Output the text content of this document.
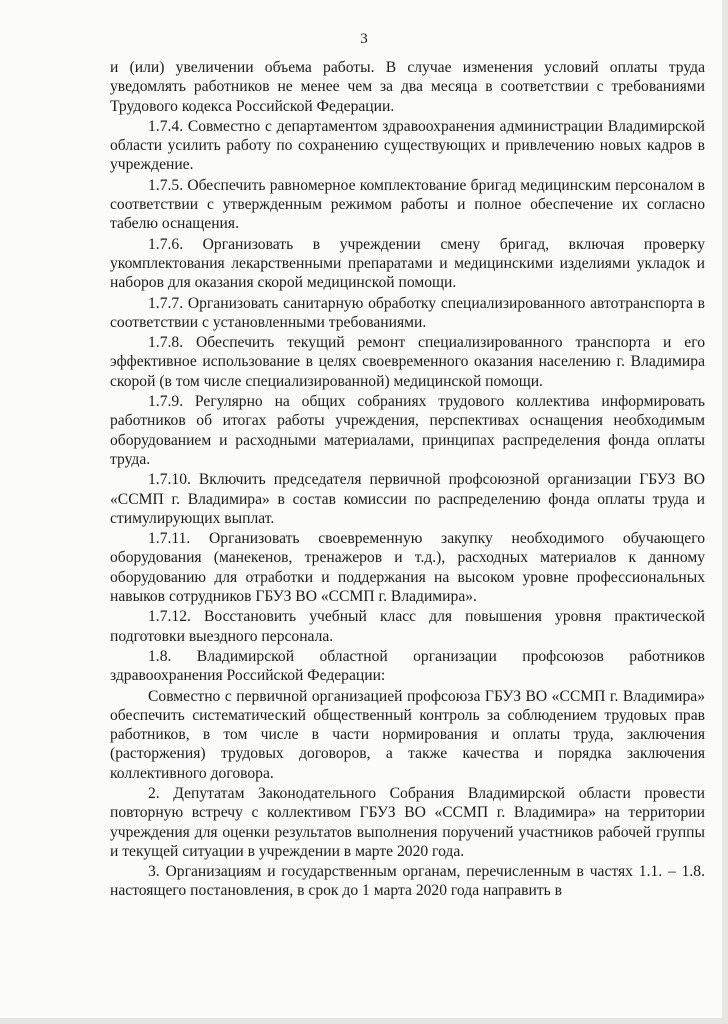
3

и (или) увеличении объема работы. В случае изменения условий оплаты труда уведомлять работников не менее чем за два месяца в соответствии с требованиями Трудового кодекса Российской Федерации.

1.7.4. Совместно с департаментом здравоохранения администрации Владимирской области усилить работу по сохранению существующих и привлечению новых кадров в учреждение.

1.7.5. Обеспечить равномерное комплектование бригад медицинским персоналом в соответствии с утвержденным режимом работы и полное обеспечение их согласно табелю оснащения.

1.7.6. Организовать в учреждении смену бригад, включая проверку укомплектования лекарственными препаратами и медицинскими изделиями укладок и наборов для оказания скорой медицинской помощи.

1.7.7. Организовать санитарную обработку специализированного автотранспорта в соответствии с установленными требованиями.

1.7.8. Обеспечить текущий ремонт специализированного транспорта и его эффективное использование в целях своевременного оказания населению г. Владимира скорой (в том числе специализированной) медицинской помощи.

1.7.9. Регулярно на общих собраниях трудового коллектива информировать работников об итогах работы учреждения, перспективах оснащения необходимым оборудованием и расходными материалами, принципах распределения фонда оплаты труда.

1.7.10. Включить председателя первичной профсоюзной организации ГБУЗ ВО «ССМП г. Владимира» в состав комиссии по распределению фонда оплаты труда и стимулирующих выплат.

1.7.11. Организовать своевременную закупку необходимого обучающего оборудования (манекенов, тренажеров и т.д.), расходных материалов к данному оборудованию для отработки и поддержания на высоком уровне профессиональных навыков сотрудников ГБУЗ ВО «ССМП г. Владимира».

1.7.12. Восстановить учебный класс для повышения уровня практической подготовки выездного персонала.

1.8. Владимирской областной организации профсоюзов работников здравоохранения Российской Федерации:

Совместно с первичной организацией профсоюза ГБУЗ ВО «ССМП г. Владимира» обеспечить систематический общественный контроль за соблюдением трудовых прав работников, в том числе в части нормирования и оплаты труда, заключения (расторжения) трудовых договоров, а также качества и порядка заключения коллективного договора.

2. Депутатам Законодательного Собрания Владимирской области провести повторную встречу с коллективом ГБУЗ ВО «ССМП г. Владимира» на территории учреждения для оценки результатов выполнения поручений участников рабочей группы и текущей ситуации в учреждении в марте 2020 года.

3. Организациям и государственным органам, перечисленным в частях 1.1. – 1.8. настоящего постановления, в срок до 1 марта 2020 года направить в
